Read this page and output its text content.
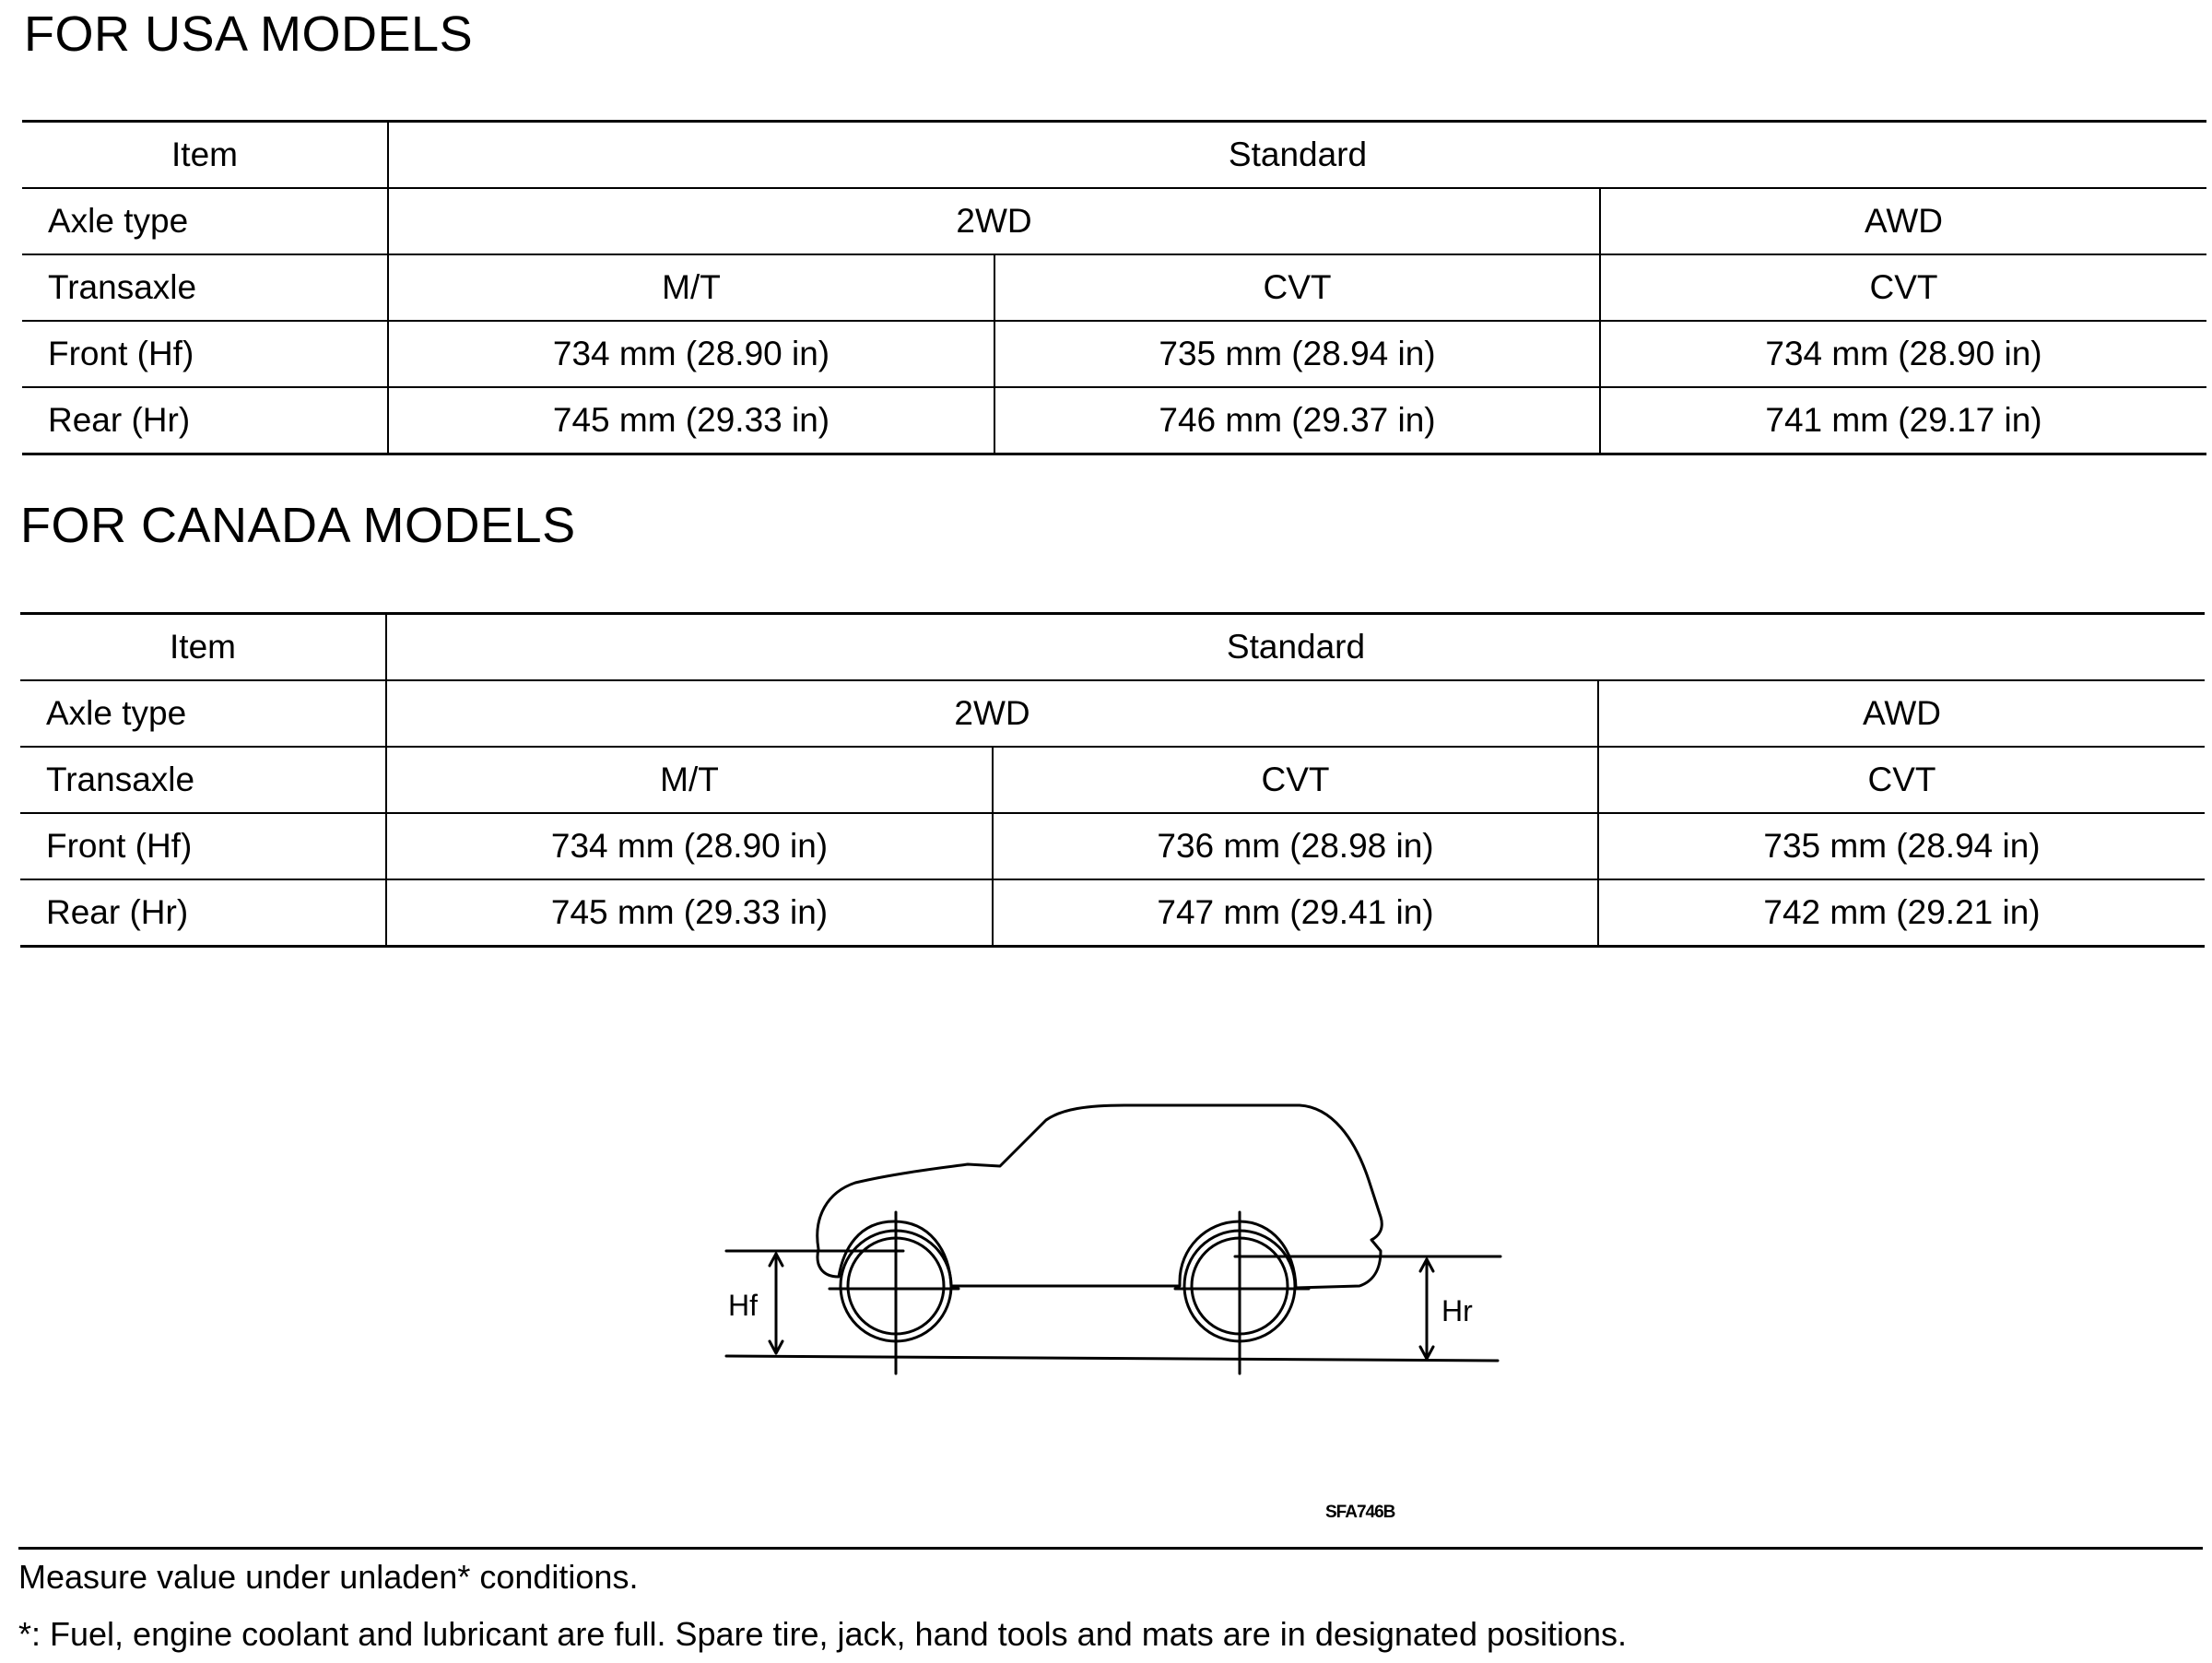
FOR USA MODELS
Item	Standard		
Axle type	2WD		AWD
Transaxle	M/T	CVT	CVT
Front (Hf)	734 mm (28.90 in)	735 mm (28.94 in)	734 mm (28.90 in)
Rear (Hr)	745 mm (29.33 in)	746 mm (29.37 in)	741 mm (29.17 in)
FOR CANADA MODELS
Item	Standard		
Axle type	2WD		AWD
Transaxle	M/T	CVT	CVT
Front (Hf)	734 mm (28.90 in)	736 mm (28.98 in)	735 mm (28.94 in)
Rear (Hr)	745 mm (29.33 in)	747 mm (29.41 in)	742 mm (29.21 in)
Hf	Hr
SFA746B

Measure value under unladen* conditions.

*: Fuel, engine coolant and lubricant are full. Spare tire, jack, hand tools and mats are in designated positions.
